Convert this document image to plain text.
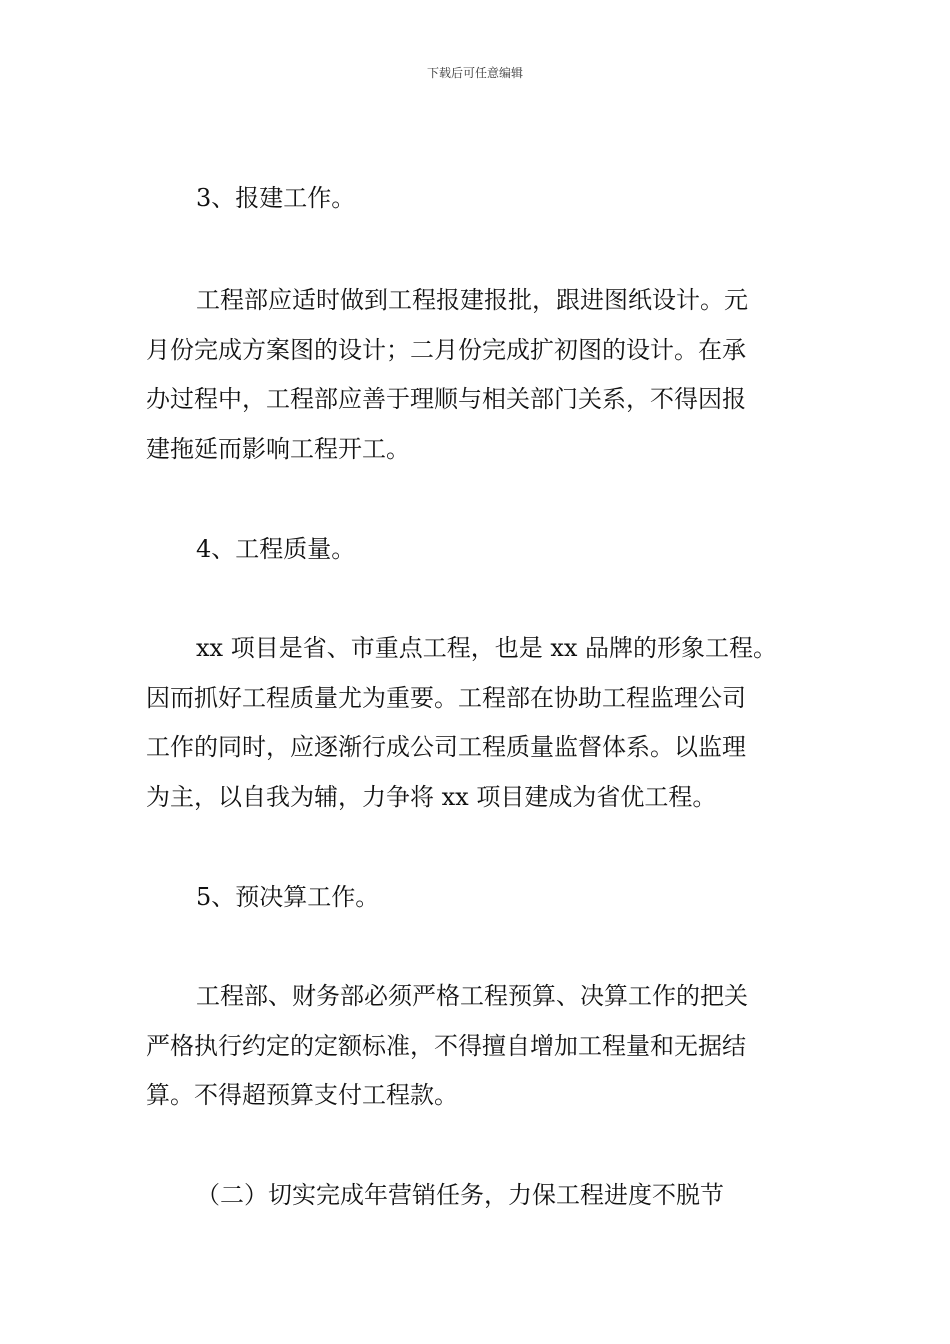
下载后可任意编辑
3、报建工作。
工程部应适时做到工程报建报批，跟进图纸设计。元
月份完成方案图的设计；二月份完成扩初图的设计。在承
办过程中，工程部应善于理顺与相关部门关系，不得因报
建拖延而影响工程开工。
4、工程质量。
xx 项目是省、市重点工程，也是 xx 品牌的形象工程。
因而抓好工程质量尤为重要。工程部在协助工程监理公司
工作的同时，应逐渐行成公司工程质量监督体系。以监理
为主，以自我为辅，力争将 xx 项目建成为省优工程。
5、预决算工作。
工程部、财务部必须严格工程预算、决算工作的把关
严格执行约定的定额标准，不得擅自增加工程量和无据结
算。不得超预算支付工程款。
（二）切实完成年营销任务，力保工程进度不脱节
